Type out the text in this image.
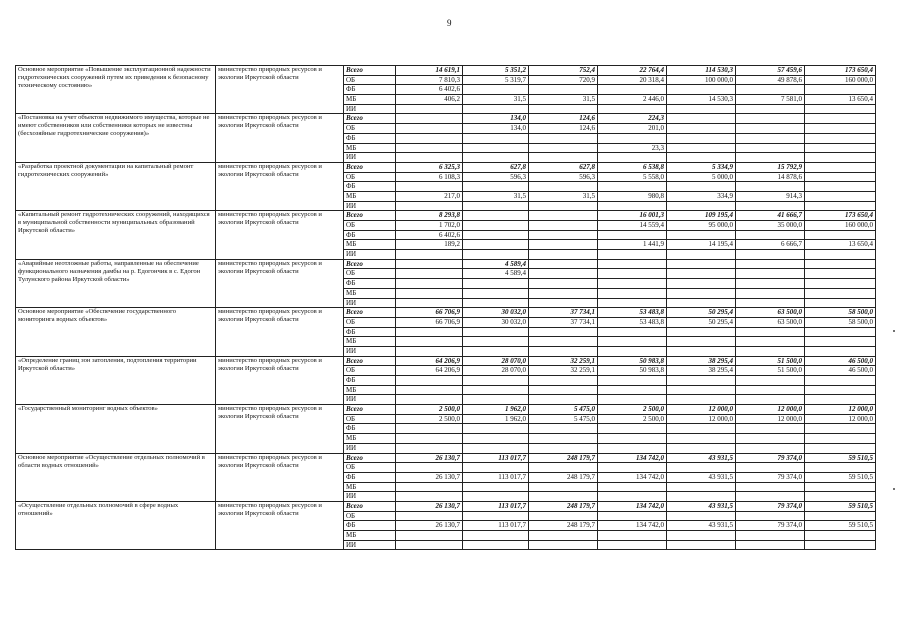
9
Основное мероприятие «Повышение эксплуатационной надежности гидротехнических сооружений путем их приведения к безопасному техническому состоянию»	министерство природных ресурсов и экологии Иркутской области	Всего	14 619,1	5 351,2	752,4	22 764,4	114 530,3	57 459,6	173 650,4
		ОБ	7 810,3	5 319,7	720,9	20 318,4	100 000,0	49 878,6	160 000,0
		ФБ	6 402,6						
		МБ	406,2	31,5	31,5	2 446,0	14 530,3	7 581,0	13 650,4
		ИИ							
«Постановка на учет объектов недвижимого имущества, которые не имеют собственников или собственники которых не известны (бесхозяйные гидротехнические сооружения)»	министерство природных ресурсов и экологии Иркутской области	Всего		134,0	124,6	224,3			
		ОБ		134,0	124,6	201,0			
		ФБ							
		МБ				23,3			
		ИИ							
«Разработка проектной документации на капитальный ремонт гидротехнических сооружений»	министерство природных ресурсов и экологии Иркутской области	Всего	6 325,3	627,8	627,8	6 538,8	5 334,9	15 792,9	
		ОБ	6 108,3	596,3	596,3	5 558,0	5 000,0	14 878,6	
		ФБ							
		МБ	217,0	31,5	31,5	980,8	334,9	914,3	
		ИИ							
«Капитальный ремонт гидротехнических сооружений, находящихся в муниципальной собственности муниципальных образований Иркутской области»	министерство природных ресурсов и экологии Иркутской области	Всего	8 293,8			16 001,3	109 195,4	41 666,7	173 650,4
		ОБ	1 702,0			14 559,4	95 000,0	35 000,0	160 000,0
		ФБ	6 402,6						
		МБ	189,2			1 441,9	14 195,4	6 666,7	13 650,4
		ИИ							
«Аварийные неотложные работы, направленные на обеспечение функционального назначения дамбы на р. Едогончик в с. Едогон Тулунского района Иркутской области»	министерство природных ресурсов и экологии Иркутской области	Всего		4 589,4					
		ОБ		4 589,4					
		ФБ							
		МБ							
		ИИ							
Основное мероприятие «Обеспечение государственного мониторинга водных объектов»	министерство природных ресурсов и экологии Иркутской области	Всего	66 706,9	30 032,0	37 734,1	53 483,8	50 295,4	63 500,0	58 500,0
		ОБ	66 706,9	30 032,0	37 734,1	53 483,8	50 295,4	63 500,0	58 500,0
		ФБ							
		МБ							
		ИИ							
«Определение границ зон затопления, подтопления территории Иркутской области»	министерство природных ресурсов и экологии Иркутской области	Всего	64 206,9	28 070,0	32 259,1	50 983,8	38 295,4	51 500,0	46 500,0
		ОБ	64 206,9	28 070,0	32 259,1	50 983,8	38 295,4	51 500,0	46 500,0
		ФБ							
		МБ							
		ИИ							
«Государственный мониторинг водных объектов»	министерство природных ресурсов и экологии Иркутской области	Всего	2 500,0	1 962,0	5 475,0	2 500,0	12 000,0	12 000,0	12 000,0
		ОБ	2 500,0	1 962,0	5 475,0	2 500,0	12 000,0	12 000,0	12 000,0
		ФБ							
		МБ							
		ИИ							
Основное мероприятие «Осуществление отдельных полномочий в области водных отношений»	министерство природных ресурсов и экологии Иркутской области	Всего	26 130,7	113 017,7	248 179,7	134 742,0	43 931,5	79 374,0	59 510,5
		ОБ							
		ФБ	26 130,7	113 017,7	248 179,7	134 742,0	43 931,5	79 374,0	59 510,5
		МБ							
		ИИ							
«Осуществление отдельных полномочий в сфере водных отношений»	министерство природных ресурсов и экологии Иркутской области	Всего	26 130,7	113 017,7	248 179,7	134 742,0	43 931,5	79 374,0	59 510,5
		ОБ							
		ФБ	26 130,7	113 017,7	248 179,7	134 742,0	43 931,5	79 374,0	59 510,5
		МБ							
		ИИ							
